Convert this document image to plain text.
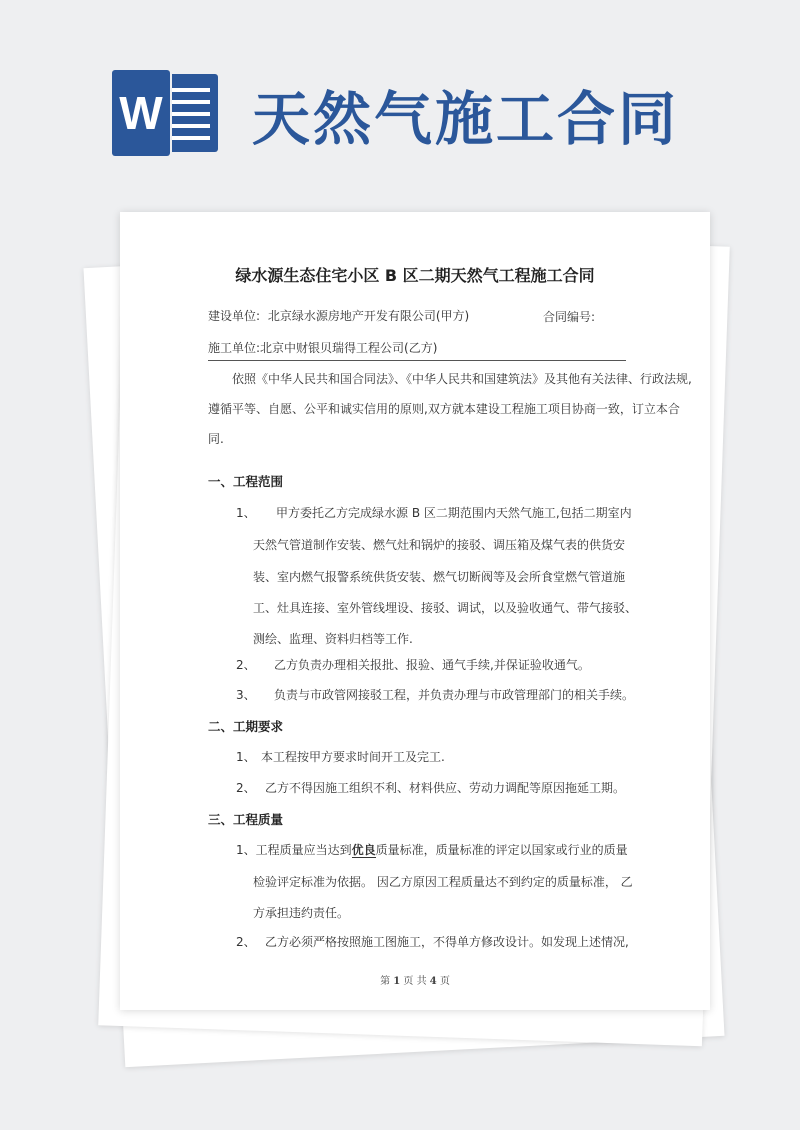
W 天然气施工合同
绿水源生态住宅小区 B 区二期天然气工程施工合同
建设单位: 北京绿水源房地产开发有限公司(甲方)	合同编号:
施工单位:北京中财银贝瑞得工程公司(乙方)
依照《中华人民共和国合同法》、《中华人民共和国建筑法》及其他有关法律、行政法规,
遵循平等、自愿、公平和诚实信用的原则,双方就本建设工程施工项目协商一致，订立本合
同.
一、工程范围
1、 甲方委托乙方完成绿水源 B 区二期范围内天然气施工,包括二期室内
天然气管道制作安装、燃气灶和锅炉的接驳、调压箱及煤气表的供货安
装、室内燃气报警系统供货安装、燃气切断阀等及会所食堂燃气管道施
工、灶具连接、室外管线埋设、接驳、调试，以及验收通气、带气接驳、
测绘、监理、资料归档等工作.
2、 乙方负责办理相关报批、报验、通气手续,并保证验收通气。
3、 负责与市政管网接驳工程，并负责办理与市政管理部门的相关手续。
二、工期要求
1、 本工程按甲方要求时间开工及完工.
2、 乙方不得因施工组织不利、材料供应、劳动力调配等原因拖延工期。
三、工程质量
1、工程质量应当达到优良质量标准，质量标准的评定以国家或行业的质量
检验评定标准为依据。 因乙方原因工程质量达不到约定的质量标准， 乙
方承担违约责任。
2、 乙方必须严格按照施工图施工，不得单方修改设计。如发现上述情况,
第 1 页 共 4 页
